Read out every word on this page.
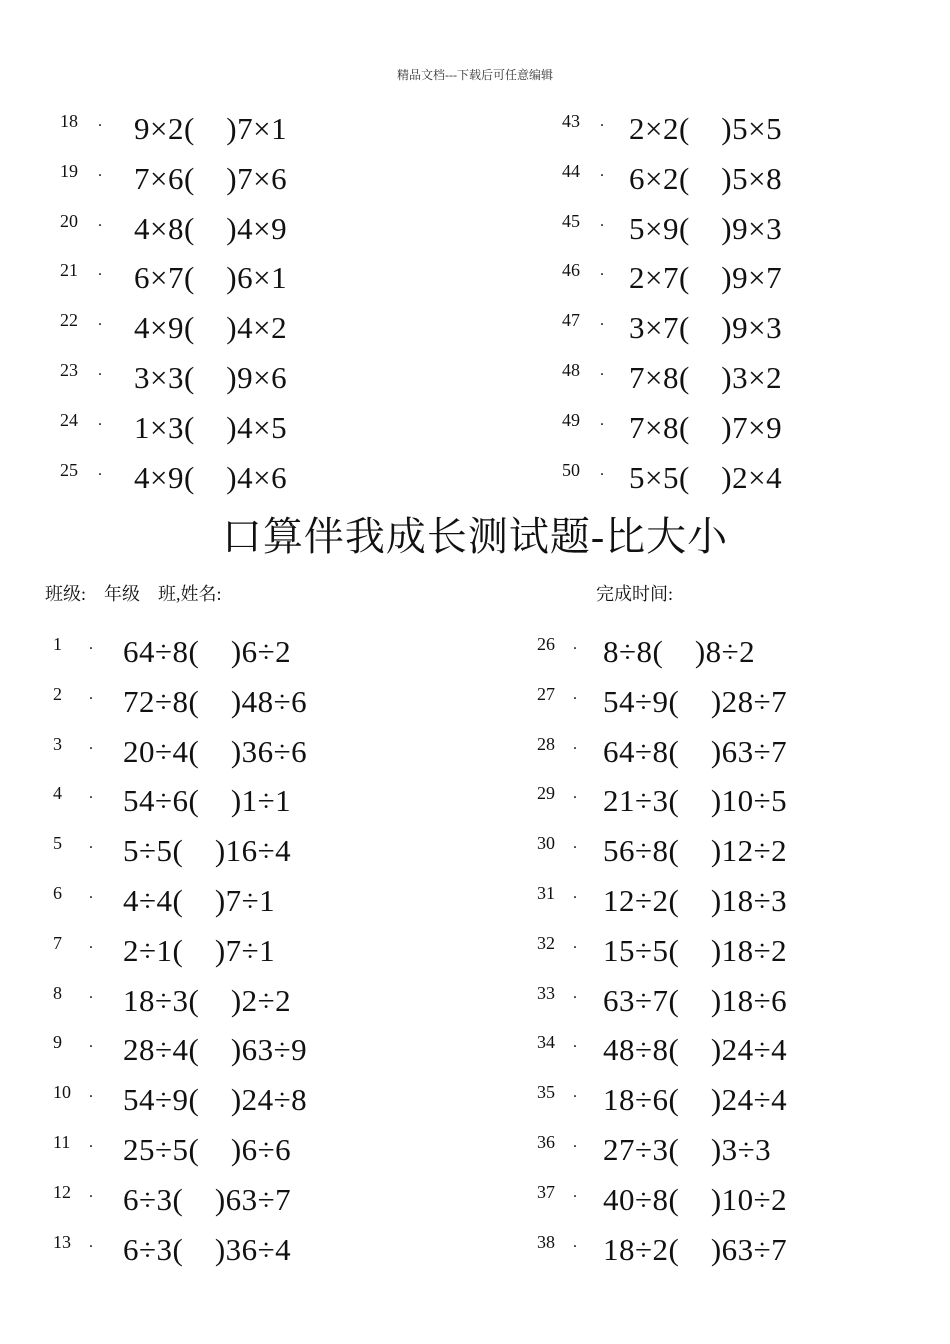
精品文档---下载后可任意编辑
18 . 9×2(　)7×1
19 . 7×6(　)7×6
20 . 4×8(　)4×9
21 . 6×7(　)6×1
22 . 4×9(　)4×2
23 . 3×3(　)9×6
24 . 1×3(　)4×5
25 . 4×9(　)4×6
43 . 2×2(　)5×5
44 . 6×2(　)5×8
45 . 5×9(　)9×3
46 . 2×7(　)9×7
47 . 3×7(　)9×3
48 . 7×8(　)3×2
49 . 7×8(　)7×9
50 . 5×5(　)2×4
口算伴我成长测试题-比大小
班级:　年级　班,姓名:	完成时间:
1 . 64÷8(　)6÷2
2 . 72÷8(　)48÷6
3 . 20÷4(　)36÷6
4 . 54÷6(　)1÷1
5 . 5÷5(　)16÷4
6 . 4÷4(　)7÷1
7 . 2÷1(　)7÷1
8 . 18÷3(　)2÷2
9 . 28÷4(　)63÷9
10 . 54÷9(　)24÷8
11 . 25÷5(　)6÷6
12 . 6÷3(　)63÷7
13 . 6÷3(　)36÷4
26 . 8÷8(　)8÷2
27 . 54÷9(　)28÷7
28 . 64÷8(　)63÷7
29 . 21÷3(　)10÷5
30 . 56÷8(　)12÷2
31 . 12÷2(　)18÷3
32 . 15÷5(　)18÷2
33 . 63÷7(　)18÷6
34 . 48÷8(　)24÷4
35 . 18÷6(　)24÷4
36 . 27÷3(　)3÷3
37 . 40÷8(　)10÷2
38 . 18÷2(　)63÷7
